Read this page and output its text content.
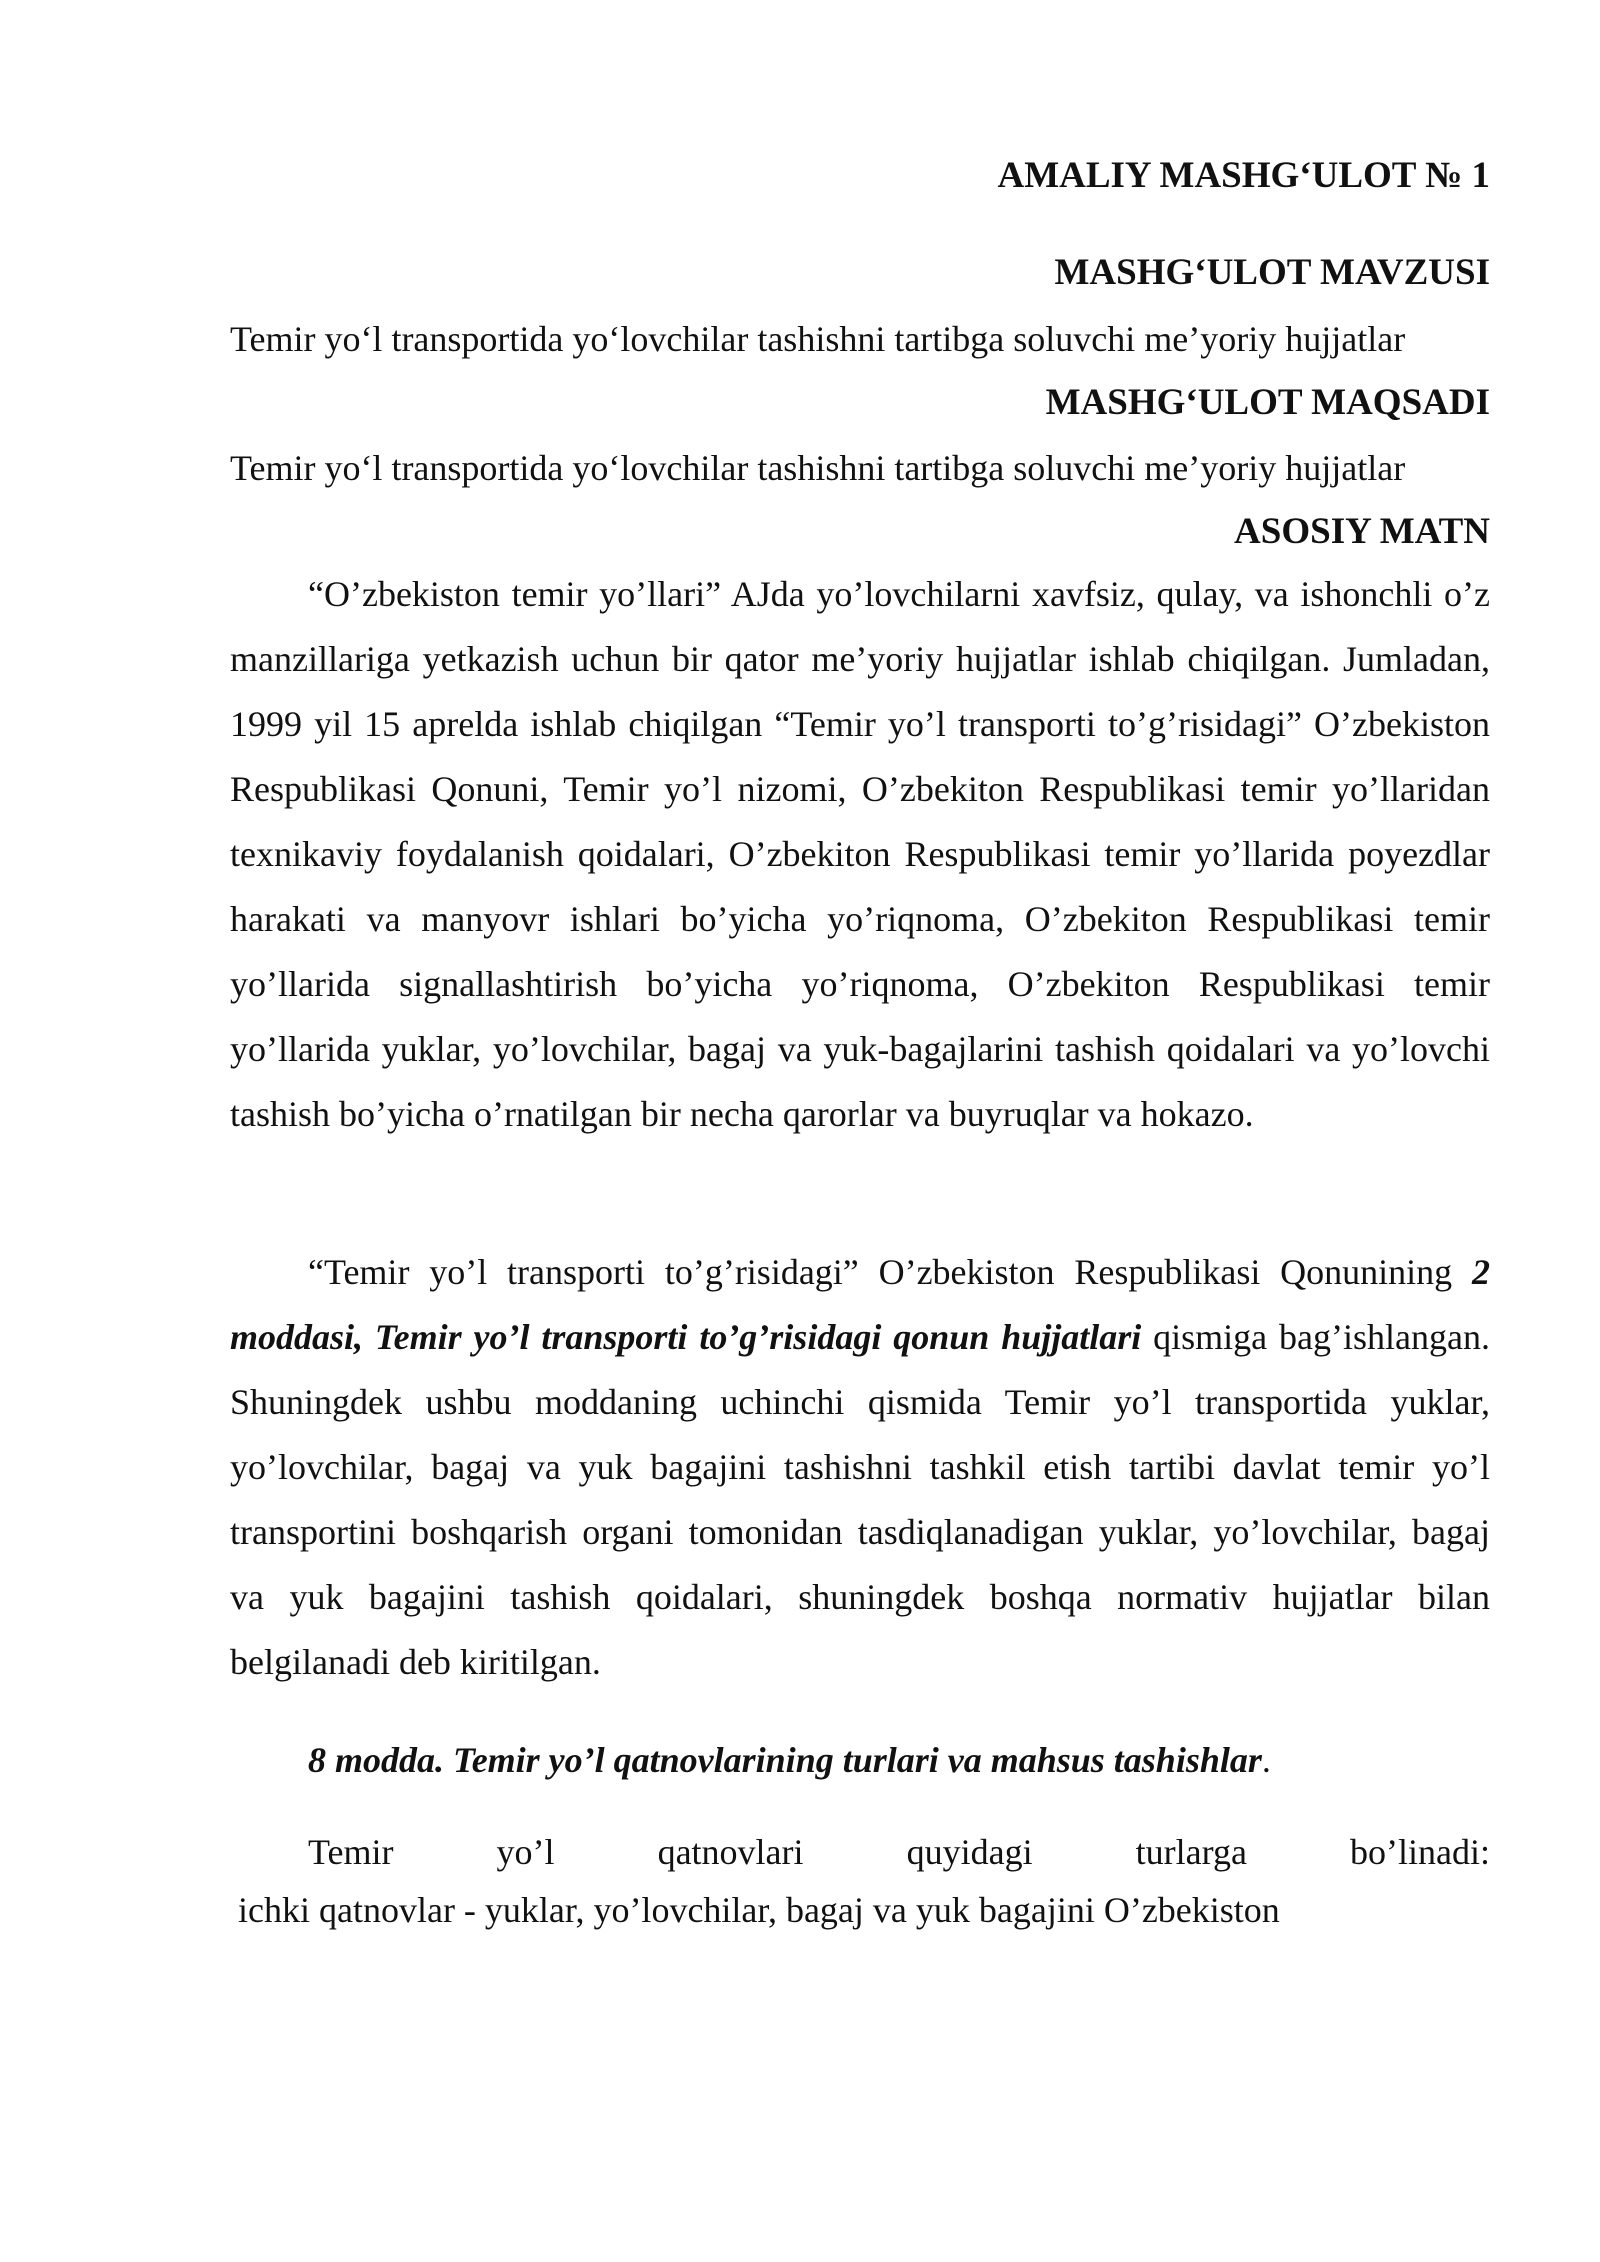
AMALIY MASHG‘ULOT № 1
MASHG‘ULOT MAVZUSI
Temir yo‘l transportida yo‘lovchilar tashishni tartibga soluvchi me’yoriy hujjatlar
MASHG‘ULOT MAQSADI
Temir yo‘l transportida yo‘lovchilar tashishni tartibga soluvchi me’yoriy hujjatlar
ASOSIY MATN
“O’zbekiston temir yo’llari” AJda yo’lovchilarni xavfsiz, qulay, va ishonchli o’z manzillariga yetkazish uchun bir qator me’yoriy hujjatlar ishlab chiqilgan. Jumladan, 1999 yil 15 aprelda ishlab chiqilgan “Temir yo’l transporti to’g’risidagi” O’zbekiston Respublikasi Qonuni, Temir yo’l nizomi, O’zbekiton Respublikasi temir yo’llaridan texnikaviy foydalanish qoidalari, O’zbekiton Respublikasi temir yo’llarida poyezdlar harakati va manyovr ishlari bo’yicha yo’riqnoma, O’zbekiton Respublikasi temir yo’llarida signallashtirish bo’yicha yo’riqnoma, O’zbekiton Respublikasi temir yo’llarida yuklar, yo’lovchilar, bagaj va yuk-bagajlarini tashish qoidalari va yo’lovchi tashish bo’yicha o’rnatilgan bir necha qarorlar va buyruqlar va hokazo.
“Temir yo’l transporti to’g’risidagi” O’zbekiston Respublikasi Qonunining 2 moddasi, Temir yo’l transporti to’g’risidagi qonun hujjatlari qismiga bag’ishlangan. Shuningdek ushbu moddaning uchinchi qismida Temir yo’l transportida yuklar, yo’lovchilar, bagaj va yuk bagajini tashishni tashkil etish tartibi davlat temir yo’l transportini boshqarish organi tomonidan tasdiqlanadigan yuklar, yo’lovchilar, bagaj va yuk bagajini tashish qoidalari, shuningdek boshqa normativ hujjatlar bilan belgilanadi deb kiritilgan.
8 modda. Temir yo’l qatnovlarining turlari va mahsus tashishlar.
Temir	yo’l	qatnovlari	quyidagi	turlarga	bo’linadi:
ichki qatnovlar - yuklar, yo’lovchilar, bagaj va yuk bagajini O’zbekiston
